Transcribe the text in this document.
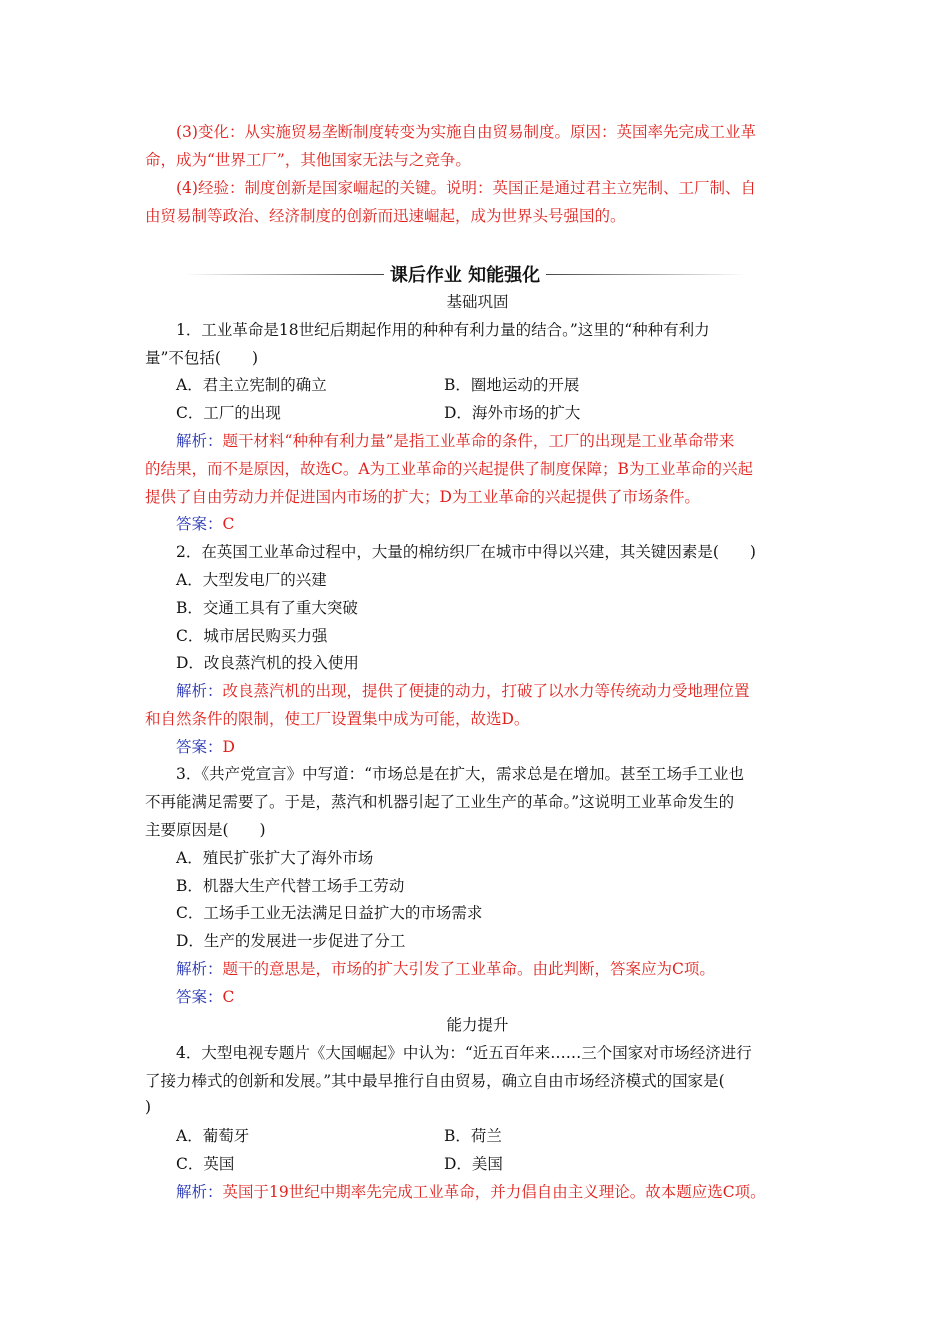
(3)变化：从实施贸易垄断制度转变为实施自由贸易制度。原因：英国率先完成工业革
命，成为“世界工厂”，其他国家无法与之竞争。
(4)经验：制度创新是国家崛起的关键。说明：英国正是通过君主立宪制、工厂制、自
由贸易制等政治、经济制度的创新而迅速崛起，成为世界头号强国的。
课后作业 知能强化
基础巩固
1．工业革命是18世纪后期起作用的种种有利力量的结合。”这里的“种种有利力
量”不包括(　　)
A．君主立宪制的确立	B．圈地运动的开展
C．工厂的出现	D．海外市场的扩大
解析：题干材料“种种有利力量”是指工业革命的条件，工厂的出现是工业革命带来
的结果，而不是原因，故选C。A为工业革命的兴起提供了制度保障；B为工业革命的兴起
提供了自由劳动力并促进国内市场的扩大；D为工业革命的兴起提供了市场条件。
答案：C
2．在英国工业革命过程中，大量的棉纺织厂在城市中得以兴建，其关键因素是(　　)
A．大型发电厂的兴建
B．交通工具有了重大突破
C．城市居民购买力强
D．改良蒸汽机的投入使用
解析：改良蒸汽机的出现，提供了便捷的动力，打破了以水力等传统动力受地理位置
和自然条件的限制，使工厂设置集中成为可能，故选D。
答案：D
3．《共产党宣言》中写道：“市场总是在扩大，需求总是在增加。甚至工场手工业也
不再能满足需要了。于是，蒸汽和机器引起了工业生产的革命。”这说明工业革命发生的
主要原因是(　　)
A．殖民扩张扩大了海外市场
B．机器大生产代替工场手工劳动
C．工场手工业无法满足日益扩大的市场需求
D．生产的发展进一步促进了分工
解析：题干的意思是，市场的扩大引发了工业革命。由此判断，答案应为C项。
答案：C
能力提升
4．大型电视专题片《大国崛起》中认为：“近五百年来……三个国家对市场经济进行
了接力棒式的创新和发展。”其中最早推行自由贸易，确立自由市场经济模式的国家是(
)
A．葡萄牙	B．荷兰
C．英国	D．美国
解析：英国于19世纪中期率先完成工业革命，并力倡自由主义理论。故本题应选C项。
